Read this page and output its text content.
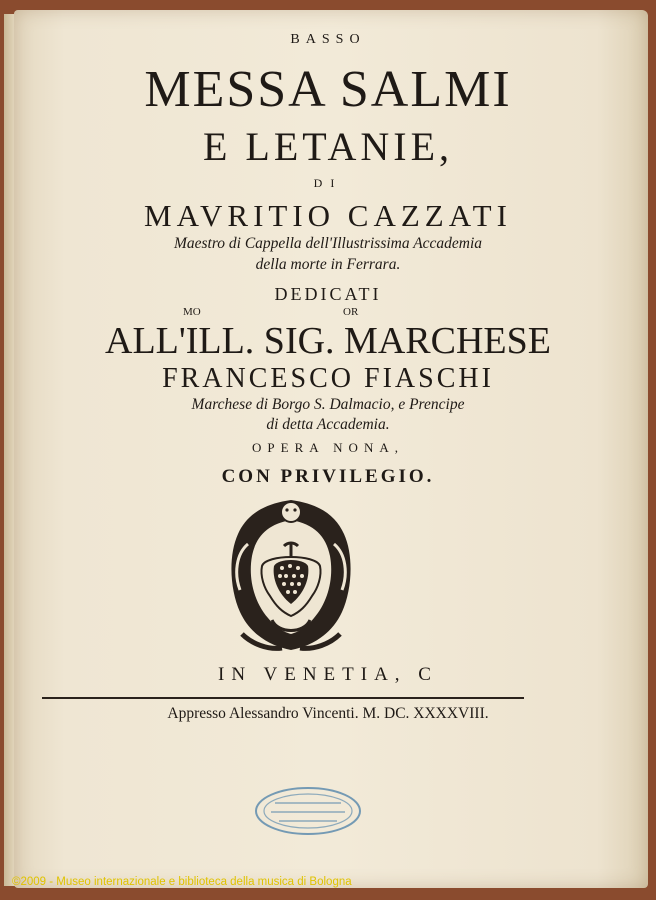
BASSO
MESSA SALMI
E LETANIE,
DI
MAVRITIO CAZZATI
Maestro di Cappella dell'Illustrissima Accademia
della morte in Ferrara.
DEDICATI
MO	OR
ALL'ILL. SIG. MARCHESE
FRANCESCO FIASCHI
Marchese di Borgo S. Dalmacio, e Prencipe
di detta Accademia.
OPERA NONA,
CON PRIVILEGIO.
IN VENETIA, C
Appresso Alessandro Vincenti. M. DC. XXXXVIII.
©2009 - Museo internazionale e biblioteca della musica di Bologna
